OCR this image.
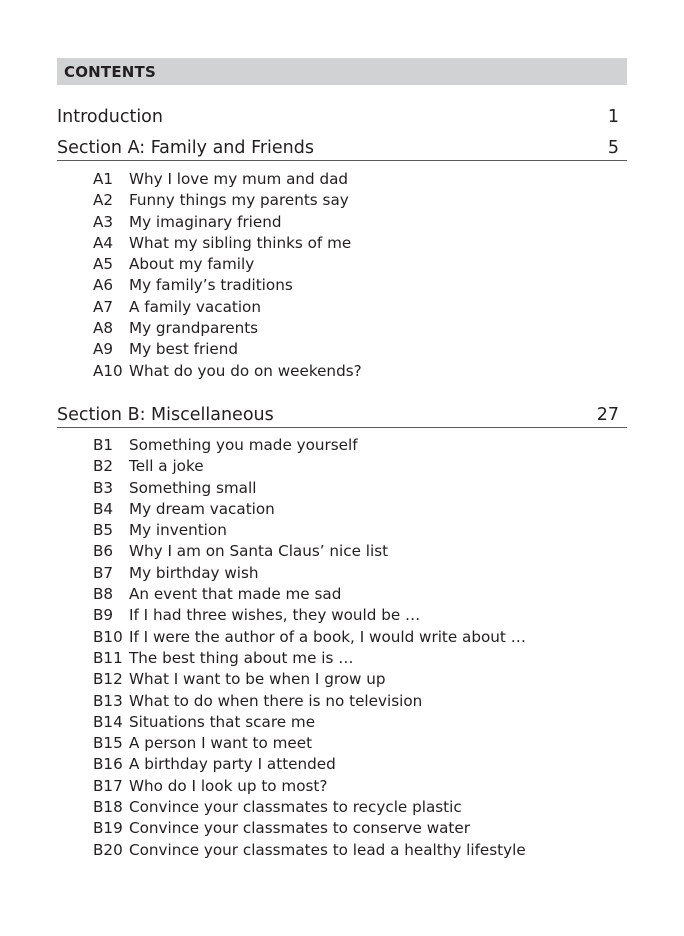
CONTENTS
Introduction	1
Section A: Family and Friends	5
A1	Why I love my mum and dad
A2	Funny things my parents say
A3	My imaginary friend
A4	What my sibling thinks of me
A5	About my family
A6	My family’s traditions
A7	A family vacation
A8	My grandparents
A9	My best friend
A10 What do you do on weekends?
Section B: Miscellaneous	27
B1	Something you made yourself
B2	Tell a joke
B3	Something small
B4	My dream vacation
B5	My invention
B6	Why I am on Santa Claus’ nice list
B7	My birthday wish
B8	An event that made me sad
B9	If I had three wishes, they would be …
B10 If I were the author of a book, I would write about …
B11 The best thing about me is …
B12 What I want to be when I grow up
B13 What to do when there is no television
B14 Situations that scare me
B15 A person I want to meet
B16 A birthday party I attended
B17 Who do I look up to most?
B18 Convince your classmates to recycle plastic
B19 Convince your classmates to conserve water
B20 Convince your classmates to lead a healthy lifestyle
